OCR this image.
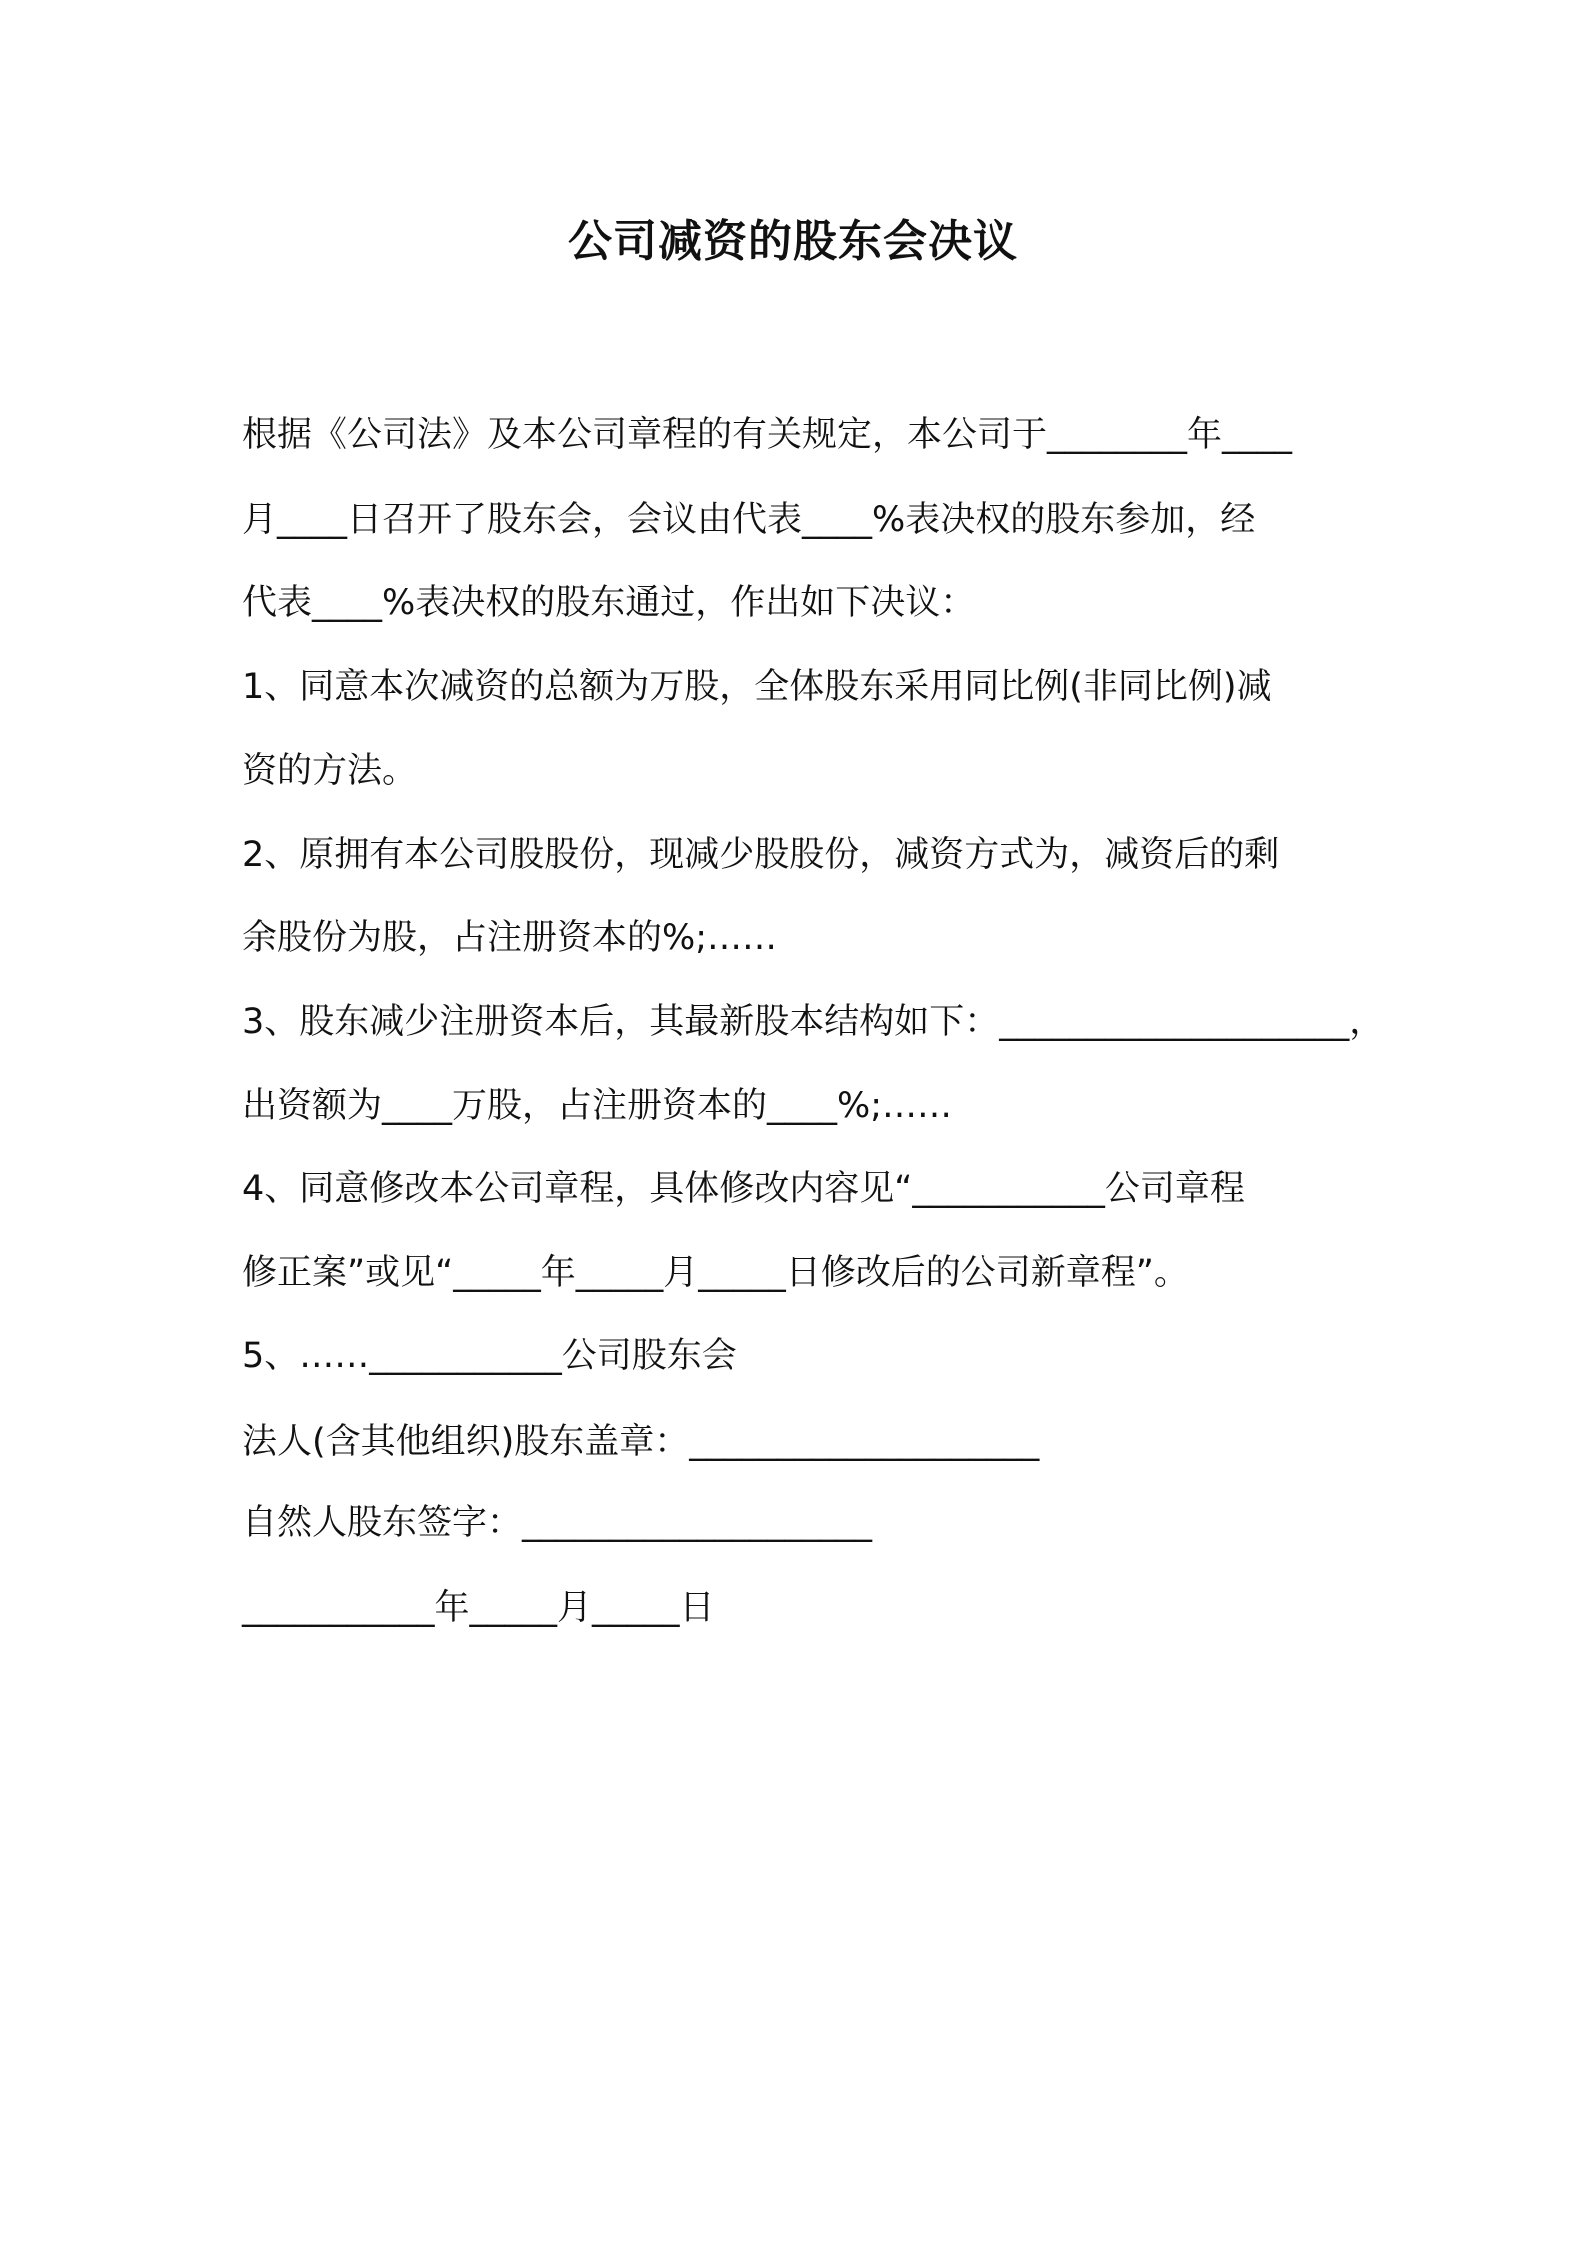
公司减资的股东会决议
根据《公司法》及本公司章程的有关规定，本公司于________年____
月____日召开了股东会，会议由代表____%表决权的股东参加，经
代表____%表决权的股东通过，作出如下决议：
1、同意本次减资的总额为万股，全体股东采用同比例(非同比例)减
资的方法。
2、原拥有本公司股股份，现减少股股份，减资方式为，减资后的剩
余股份为股，占注册资本的%;……
3、股东减少注册资本后，其最新股本结构如下：____________________，
出资额为____万股，占注册资本的____%;……
4、同意修改本公司章程，具体修改内容见“___________公司章程
修正案”或见“_____年_____月_____日修改后的公司新章程”。
5、……___________公司股东会
法人(含其他组织)股东盖章：____________________
自然人股东签字：____________________
___________年_____月_____日
